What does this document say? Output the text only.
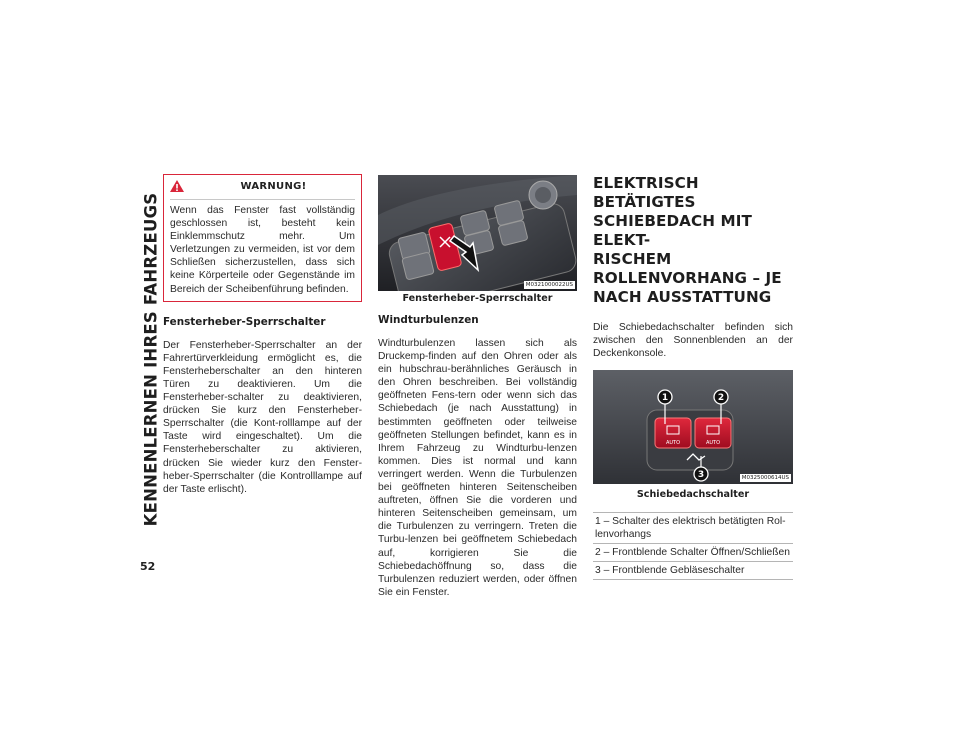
KENNENLERNEN IHRES FAHRZEUGS
52
WARNUNG!
Wenn das Fenster fast vollständig geschlossen ist, besteht kein Einklemmschutz mehr. Um Verletzungen zu vermeiden, ist vor dem Schließen sicherzustellen, dass sich keine Körperteile oder Gegenstände im Bereich der Scheibenführung befinden.
Fensterheber-Sperrschalter

Der Fensterheber-Sperrschalter an der Fahrertürverkleidung ermöglicht es, die Fensterheberschalter an den hinteren Türen zu deaktivieren. Um die Fensterheber-schalter zu deaktivieren, drücken Sie kurz den Fensterheber-Sperrschalter (die Kont-rolllampe auf der Taste wird eingeschaltet). Um die Fensterheberschalter zu aktivieren, drücken Sie wieder kurz den Fenster-heber-Sperrschalter (die Kontrolllampe auf der Taste erlischt).

M0321000022US
Fensterheber-Sperrschalter
Windturbulenzen

Windturbulenzen lassen sich als Druckemp-finden auf den Ohren oder als ein hubschrau-berähnliches Geräusch in den Ohren beschreiben. Bei vollständig geöffneten Fens-tern oder wenn sich das Schiebedach (je nach Ausstattung) in bestimmten geöffneten oder teilweise geöffneten Stellungen befindet, kann es in Ihrem Fahrzeug zu Windturbu-lenzen kommen. Dies ist normal und kann verringert werden. Wenn die Turbulenzen bei geöffneten hinteren Seitenscheiben auftreten, öffnen Sie die vorderen und hinteren Seitenscheiben gemeinsam, um die Turbulenzen zu verringern. Treten die Turbu-lenzen bei geöffnetem Schiebedach auf, korrigieren Sie die Schiebedachöffnung so, dass die Turbulenzen reduziert werden, oder öffnen Sie ein Fenster.

ELEKTRISCH BETÄTIGTES
SCHIEBEDACH MIT ELEKT-
RISCHEM
ROLLENVORHANG – JE
NACH AUSSTATTUNG

Die Schiebedachschalter befinden sich zwischen den Sonnenblenden an der Deckenkonsole.

1	2
3
AUTO	AUTO
M0325000614US
Schiebedachschalter
1 – Schalter des elektrisch betätigten Rol-lenvorhangs
2 – Frontblende Schalter Öffnen/Schließen
3 – Frontblende Gebläseschalter
